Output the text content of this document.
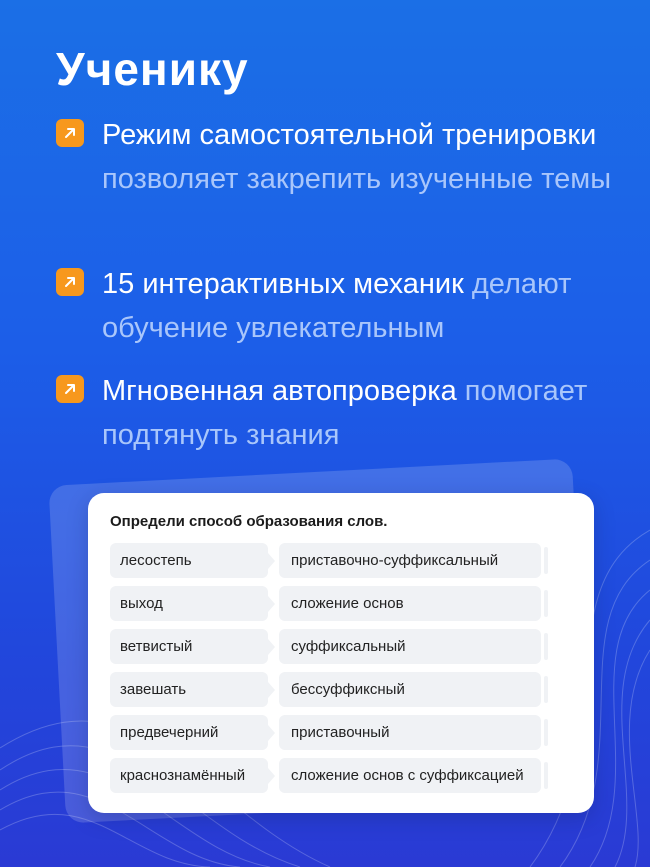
Ученику
Режим самостоятельной тренировки позволяет закрепить изученные темы
15 интерактивных механик делают обучение увлекательным
Мгновенная автопроверка помогает подтянуть знания
Определи способ образования слов.
лесостепь	приставочно-суффиксальный
выход	сложение основ
ветвистый	суффиксальный
завешать	бессуффиксный
предвечерний	приставочный
краснознамённый	сложение основ с суффиксацией
